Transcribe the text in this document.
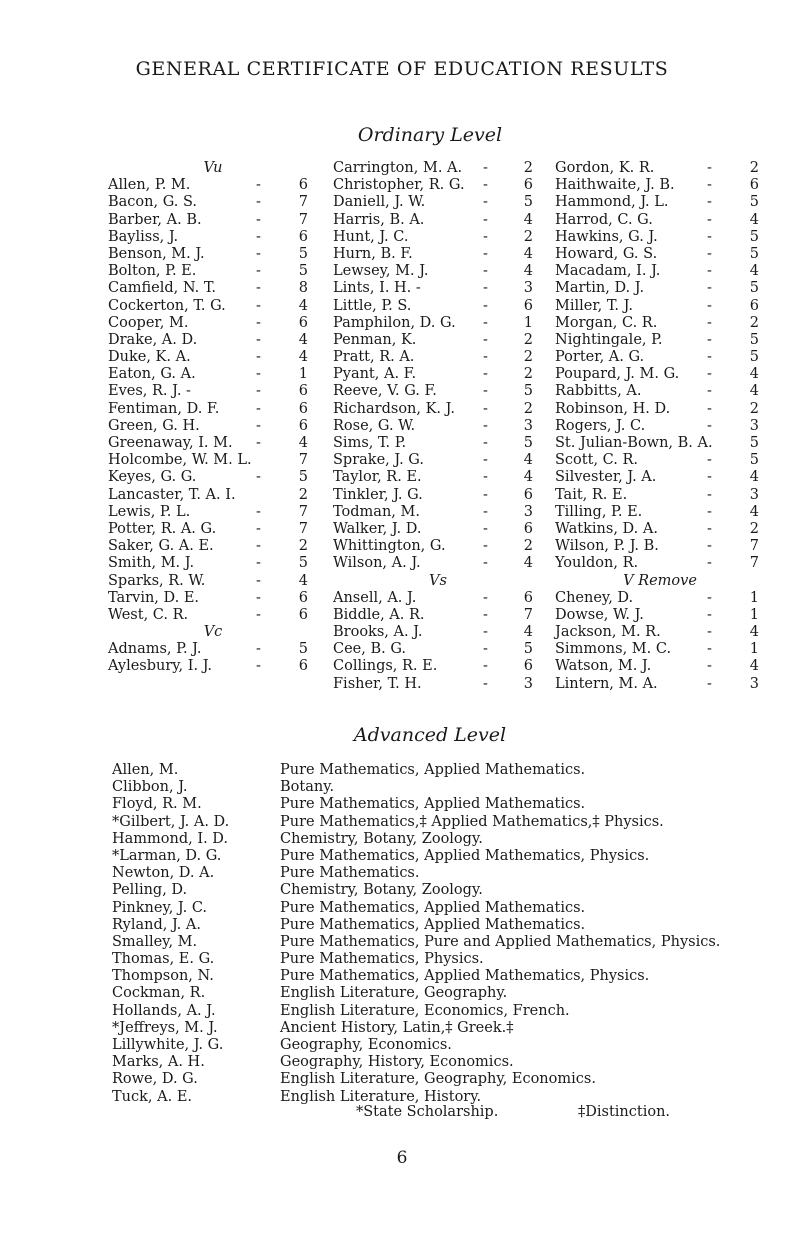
GENERAL CERTIFICATE OF EDUCATION RESULTS
Ordinary Level
Vu
Allen, P. M.	-	6
Bacon, G. S.	-	7
Barber, A. B.	-	7
Bayliss, J.	-	6
Benson, M. J.	-	5
Bolton, P. E.	-	5
Camfield, N. T.	-	8
Cockerton, T. G. -	4
Cooper, M.	-	6
Drake, A. D.	-	4
Duke, K. A.	-	4
Eaton, G. A.	-	1
Eves, R. J. -	-	6
Fentiman, D. F.	-	6
Green, G. H.	-	6
Greenaway, I. M. -	4
Holcombe, W. M. L.	7
Keyes, G. G.	-	5
Lancaster, T. A. I.	2
Lewis, P. L.	-	7
Potter, R. A. G.	-	7
Saker, G. A. E.	-	2
Smith, M. J.	-	5
Sparks, R. W.	-	4
Tarvin, D. E.	-	6
West, C. R.	-	6
Vc
Adnams, P. J.	-	5
Aylesbury, I. J.	-	6
Carrington, M. A. -	2
Christopher, R. G. -	6
Daniell, J. W.	-	5
Harris, B. A.	-	4
Hunt, J. C.	-	2
Hurn, B. F.	-	4
Lewsey, M. J.	-	4
Lints, I. H. -	-	3
Little, P. S.	-	6
Pamphilon, D. G. -	1
Penman, K.	-	2
Pratt, R. A.	-	2
Pyant, A. F.	-	2
Reeve, V. G. F.	-	5
Richardson, K. J. -	2
Rose, G. W.	-	3
Sims, T. P.	-	5
Sprake, J. G.	-	4
Taylor, R. E.	-	4
Tinkler, J. G.	-	6
Todman, M.	-	3
Walker, J. D.	-	6
Whittington, G.	-	2
Wilson, A. J.	-	4
Vs
Ansell, A. J.	-	6
Biddle, A. R.	-	7
Brooks, A. J.	-	4
Cee, B. G.	-	5
Collings, R. E.	-	6
Fisher, T. H.	-	3
Gordon, K. R.	-	2
Haithwaite, J. B. -	6
Hammond, J. L.	-	5
Harrod, C. G.	-	4
Hawkins, G. J.	-	5
Howard, G. S.	-	5
Macadam, I. J.	-	4
Martin, D. J.	-	5
Miller, T. J.	-	6
Morgan, C. R.	-	2
Nightingale, P.	-	5
Porter, A. G.	-	5
Poupard, J. M. G. -	4
Rabbitts, A.	-	4
Robinson, H. D.	-	2
Rogers, J. C.	-	3
St. Julian-Bown, B. A.	5
Scott, C. R.	-	5
Silvester, J. A.	-	4
Tait, R. E.	-	3
Tilling, P. E.	-	4
Watkins, D. A.	-	2
Wilson, P. J. B.	-	7
Youldon, R.	-	7
V Remove
Cheney, D.	-	1
Dowse, W. J.	-	1
Jackson, M. R.	-	4
Simmons, M. C. -	1
Watson, M. J.	-	4
Lintern, M. A.	-	3
Advanced Level
Allen, M.	Pure Mathematics, Applied Mathematics.
Clibbon, J.	Botany.
Floyd, R. M.	Pure Mathematics, Applied Mathematics.
*Gilbert, J. A. D.	Pure Mathematics,‡ Applied Mathematics,‡ Physics.
Hammond, I. D.	Chemistry, Botany, Zoology.
*Larman, D. G.	Pure Mathematics, Applied Mathematics, Physics.
Newton, D. A.	Pure Mathematics.
Pelling, D.	Chemistry, Botany, Zoology.
Pinkney, J. C.	Pure Mathematics, Applied Mathematics.
Ryland, J. A.	Pure Mathematics, Applied Mathematics.
Smalley, M.	Pure Mathematics, Pure and Applied Mathematics, Physics.
Thomas, E. G.	Pure Mathematics, Physics.
Thompson, N.	Pure Mathematics, Applied Mathematics, Physics.
Cockman, R.	English Literature, Geography.
Hollands, A. J.	English Literature, Economics, French.
*Jeffreys, M. J.	Ancient History, Latin,‡ Greek.‡
Lillywhite, J. G.	Geography, Economics.
Marks, A. H.	Geography, History, Economics.
Rowe, D. G.	English Literature, Geography, Economics.
Tuck, A. E.	English Literature, History.
*State Scholarship.	‡Distinction.
6
